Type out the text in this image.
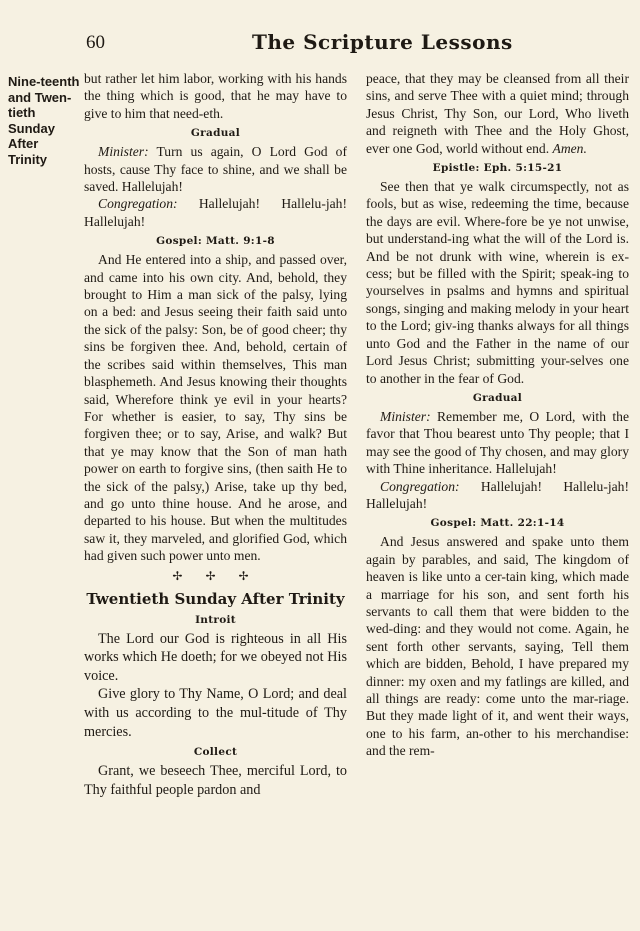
60	The Scripture Lessons
Nine-teenth and Twen-tieth Sunday After Trinity

but rather let him labor, working with his hands the thing which is good, that he may have to give to him that need-eth.

Gradual

Minister: Turn us again, O Lord God of hosts, cause Thy face to shine, and we shall be saved. Hallelujah!

Congregation: Hallelujah! Hallelu-jah! Hallelujah!

Gospel: Matt. 9:1-8

And He entered into a ship, and passed over, and came into his own city. And, behold, they brought to Him a man sick of the palsy, lying on a bed: and Jesus seeing their faith said unto the sick of the palsy: Son, be of good cheer; thy sins be forgiven thee. And, behold, certain of the scribes said within themselves, This man blasphemeth. And Jesus knowing their thoughts said, Wherefore think ye evil in your hearts? For whether is easier, to say, Thy sins be forgiven thee; or to say, Arise, and walk? But that ye may know that the Son of man hath power on earth to forgive sins, (then saith He to the sick of the palsy,) Arise, take up thy bed, and go unto thine house. And he arose, and departed to his house. But when the multitudes saw it, they marveled, and glorified God, which had given such power unto men.

✢ ✢ ✢
Twentieth Sunday After Trinity
Introit

The Lord our God is righteous in all His works which He doeth; for we obeyed not His voice.

Give glory to Thy Name, O Lord; and deal with us according to the mul-titude of Thy mercies.

Collect

Grant, we beseech Thee, merciful Lord, to Thy faithful people pardon and

peace, that they may be cleansed from all their sins, and serve Thee with a quiet mind; through Jesus Christ, Thy Son, our Lord, Who liveth and reigneth with Thee and the Holy Ghost, ever one God, world without end. Amen.

Epistle: Eph. 5:15-21

See then that ye walk circumspectly, not as fools, but as wise, redeeming the time, because the days are evil. Where-fore be ye not unwise, but understand-ing what the will of the Lord is. And be not drunk with wine, wherein is ex-cess; but be filled with the Spirit; speak-ing to yourselves in psalms and hymns and spiritual songs, singing and making melody in your heart to the Lord; giv-ing thanks always for all things unto God and the Father in the name of our Lord Jesus Christ; submitting your-selves one to another in the fear of God.

Gradual

Minister: Remember me, O Lord, with the favor that Thou bearest unto Thy people; that I may see the good of Thy chosen, and may glory with Thine inheritance. Hallelujah!

Congregation: Hallelujah! Hallelu-jah! Hallelujah!

Gospel: Matt. 22:1-14

And Jesus answered and spake unto them again by parables, and said, The kingdom of heaven is like unto a cer-tain king, which made a marriage for his son, and sent forth his servants to call them that were bidden to the wed-ding: and they would not come. Again, he sent forth other servants, saying, Tell them which are bidden, Behold, I have prepared my dinner: my oxen and my fatlings are killed, and all things are ready: come unto the mar-riage. But they made light of it, and went their ways, one to his farm, an-other to his merchandise: and the rem-
